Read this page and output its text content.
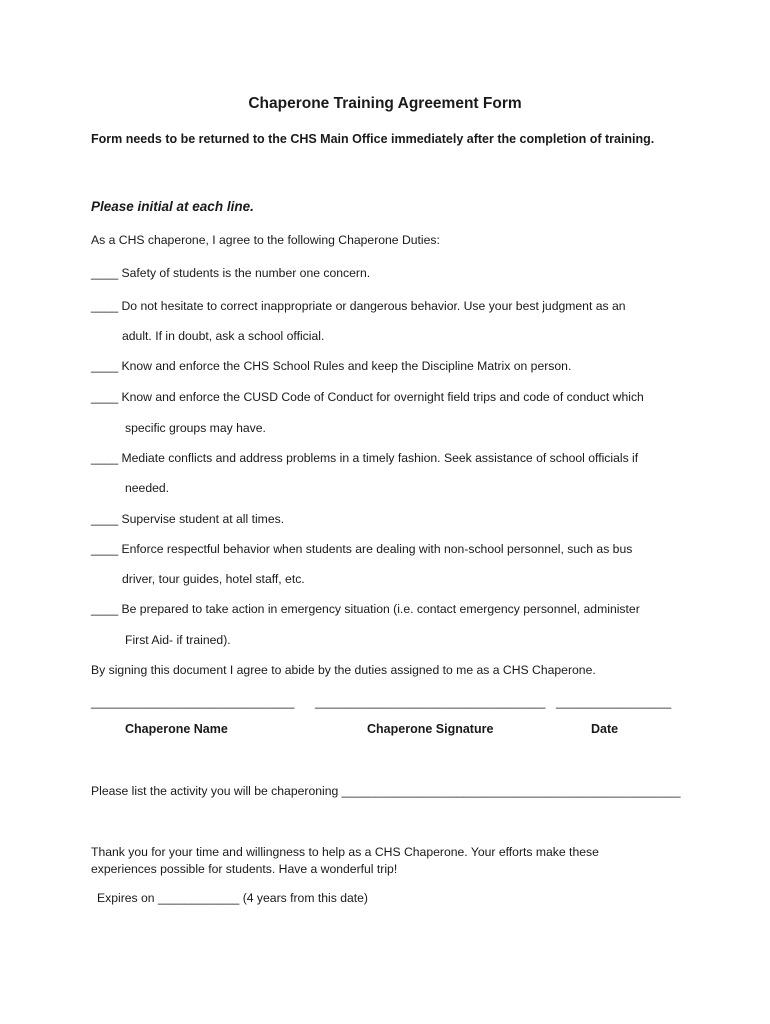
Chaperone Training Agreement Form

Form needs to be returned to the CHS Main Office immediately after the completion of training.

Please initial at each line.

As a CHS chaperone, I agree to the following Chaperone Duties:

____ Safety of students is the number one concern.

____ Do not hesitate to correct inappropriate or dangerous behavior. Use your best judgment as an

adult. If in doubt, ask a school official.

____ Know and enforce the CHS School Rules and keep the Discipline Matrix on person.

____ Know and enforce the CUSD Code of Conduct for overnight field trips and code of conduct which

specific groups may have.

____ Mediate conflicts and address problems in a timely fashion. Seek assistance of school officials if

needed.

____ Supervise student at all times.

____ Enforce respectful behavior when students are dealing with non-school personnel, such as bus

driver, tour guides, hotel staff, etc.

____ Be prepared to take action in emergency situation (i.e. contact emergency personnel, administer

First Aid- if trained).

By signing this document I agree to abide by the duties assigned to me as a CHS Chaperone.

______________________________ __________________________________ _________________

Chaperone Name	Chaperone Signature	Date

Please list the activity you will be chaperoning __________________________________________________

Thank you for your time and willingness to help as a CHS Chaperone. Your efforts make these experiences possible for students. Have a wonderful trip!

Expires on ____________ (4 years from this date)
